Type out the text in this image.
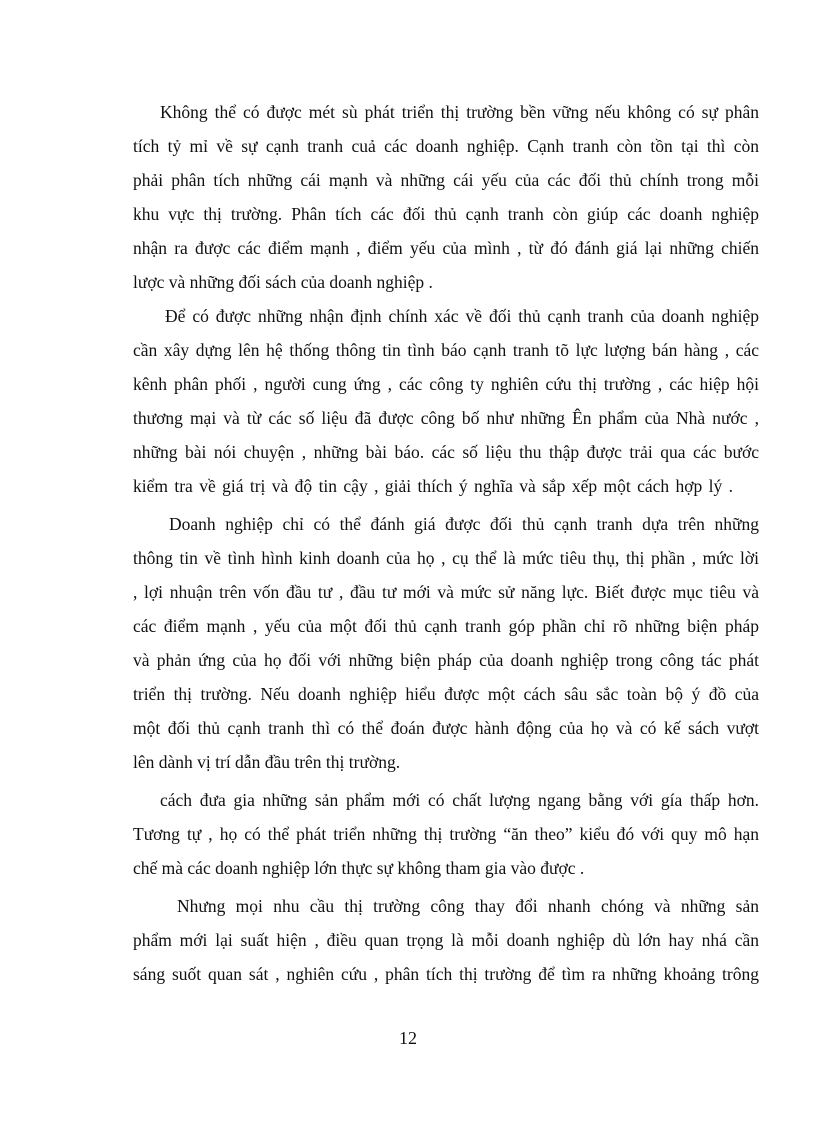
Không thể có được mét sù phát triển thị trường bền vững nếu không có sự phân
tích tỷ mỉ về sự cạnh tranh cuả các doanh nghiệp. Cạnh tranh còn tồn tại thì còn
phải phân tích những cái mạnh và những cái yếu của các đối thủ chính trong mỗi
khu vực thị trường. Phân tích các đối thủ cạnh tranh còn giúp các doanh nghiệp
nhận ra được các điểm mạnh , điểm yếu của mình , từ đó đánh giá lại những chiến
lược và những đối sách của doanh nghiệp .
Để có được những nhận định chính xác về đối thủ cạnh tranh của doanh nghiệp
cần xây dựng lên hệ thống thông tin tình báo cạnh tranh tõ lực lượng bán hàng , các
kênh phân phối , người cung ứng , các công ty nghiên cứu thị trường , các hiệp hội
thương mại và từ các số liệu đã được công bố như những Ên phẩm của Nhà nước ,
những bài nói chuyện , những bài báo. các số liệu thu thập được trải qua các bước
kiểm tra về giá trị và độ tin cậy , giải thích ý nghĩa và sắp xếp một cách hợp lý .
Doanh nghiệp chỉ có thể đánh giá được đối thủ cạnh tranh dựa trên những
thông tin về tình hình kinh doanh của họ , cụ thể là mức tiêu thụ, thị phần , mức lời
, lợi nhuận trên vốn đầu tư , đầu tư mới và mức sử năng lực. Biết được mục tiêu và
các điểm mạnh , yếu của một đối thủ cạnh tranh góp phần chỉ rõ những biện pháp
và phản ứng của họ đối với những biện pháp của doanh nghiệp trong công tác phát
triển thị trường. Nếu doanh nghiệp hiểu được một cách sâu sắc toàn bộ ý đồ của
một đối thủ cạnh tranh thì có thể đoán được hành động của họ và có kế sách vượt
lên dành vị trí dẫn đầu trên thị trường.
cách đưa gia những sản phẩm mới có chất lượng ngang bằng với gía thấp hơn.
Tương tự , họ có thể phát triển những thị trường “ăn theo” kiểu đó với quy mô hạn
chế mà các doanh nghiệp lớn thực sự không tham gia vào được .
Nhưng mọi nhu cầu thị trường công thay đổi nhanh chóng và những sản
phẩm mới lại suất hiện , điều quan trọng là mỗi doanh nghiệp dù lớn hay nhá cần
sáng suốt quan sát , nghiên cứu , phân tích thị trường để tìm ra những khoảng trông
12
